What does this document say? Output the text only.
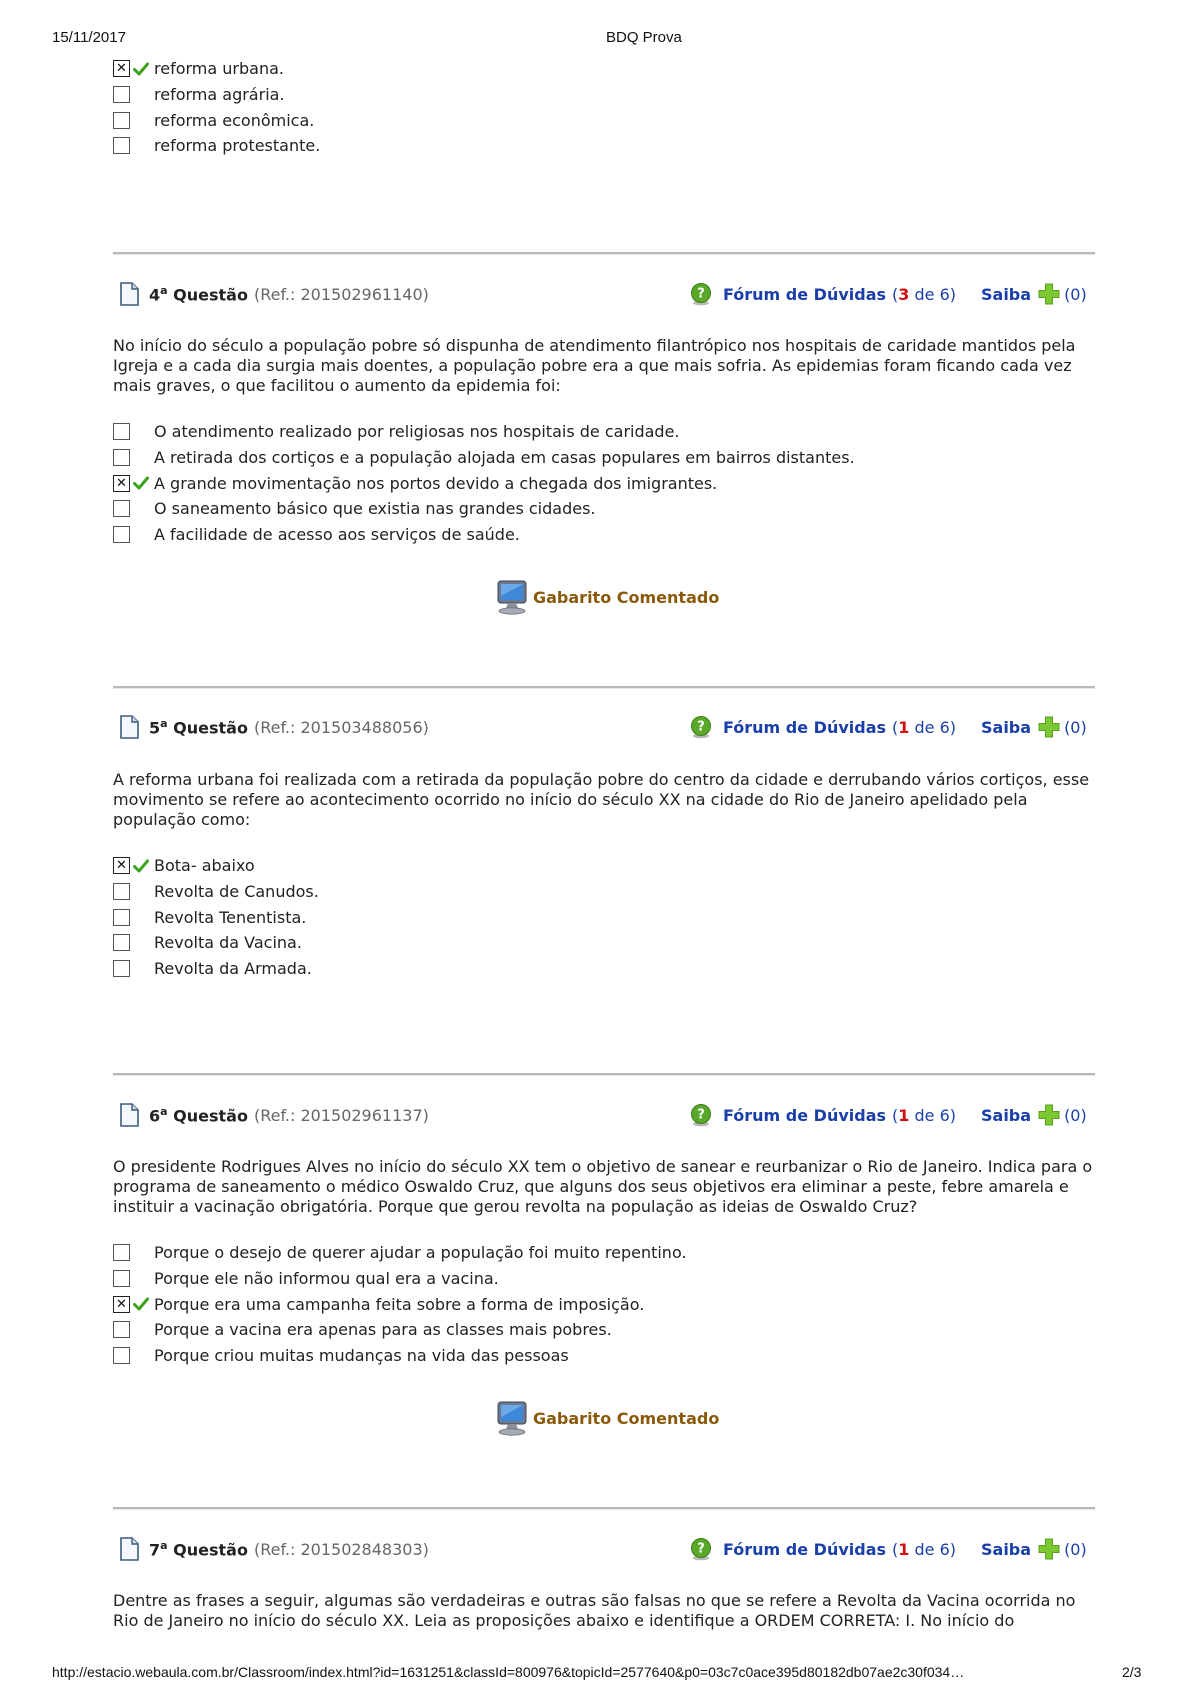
15/11/2017	BDQ Prova
✕ reforma urbana.
reforma agrária.
reforma econômica.
reforma protestante.
4$^a$ Questão (Ref.: 201502961140)	? Fórum de Dúvidas (3 de 6) Saiba (0)
No início do século a população pobre só dispunha de atendimento filantrópico nos hospitais de caridade mantidos pela Igreja e a cada dia surgia mais doentes, a população pobre era a que mais sofria. As epidemias foram ficando cada vez mais graves, o que facilitou o aumento da epidemia foi:
O atendimento realizado por religiosas nos hospitais de caridade.
A retirada dos cortiços e a população alojada em casas populares em bairros distantes.
✕ A grande movimentação nos portos devido a chegada dos imigrantes.
O saneamento básico que existia nas grandes cidades.
A facilidade de acesso aos serviços de saúde.
Gabarito Comentado
5$^a$ Questão (Ref.: 201503488056)	? Fórum de Dúvidas (1 de 6) Saiba (0)
A reforma urbana foi realizada com a retirada da população pobre do centro da cidade e derrubando vários cortiços, esse movimento se refere ao acontecimento ocorrido no início do século XX na cidade do Rio de Janeiro apelidado pela população como:
✕ Bota- abaixo
Revolta de Canudos.
Revolta Tenentista.
Revolta da Vacina.
Revolta da Armada.
6$^a$ Questão (Ref.: 201502961137)	? Fórum de Dúvidas (1 de 6) Saiba (0)
O presidente Rodrigues Alves no início do século XX tem o objetivo de sanear e reurbanizar o Rio de Janeiro. Indica para o programa de saneamento o médico Oswaldo Cruz, que alguns dos seus objetivos era eliminar a peste, febre amarela e instituir a vacinação obrigatória. Porque que gerou revolta na população as ideias de Oswaldo Cruz?
Porque o desejo de querer ajudar a população foi muito repentino.
Porque ele não informou qual era a vacina.
✕ Porque era uma campanha feita sobre a forma de imposição.
Porque a vacina era apenas para as classes mais pobres.
Porque criou muitas mudanças na vida das pessoas
Gabarito Comentado
7$^a$ Questão (Ref.: 201502848303)	? Fórum de Dúvidas (1 de 6) Saiba (0)
Dentre as frases a seguir, algumas são verdadeiras e outras são falsas no que se refere a Revolta da Vacina ocorrida no Rio de Janeiro no início do século XX. Leia as proposições abaixo e identifique a ORDEM CORRETA: I. No início do
http://estacio.webaula.com.br/Classroom/index.html?id=1631251&classId=800976&topicId=2577640&p0=03c7c0ace395d80182db07ae2c30f034…	2/3
